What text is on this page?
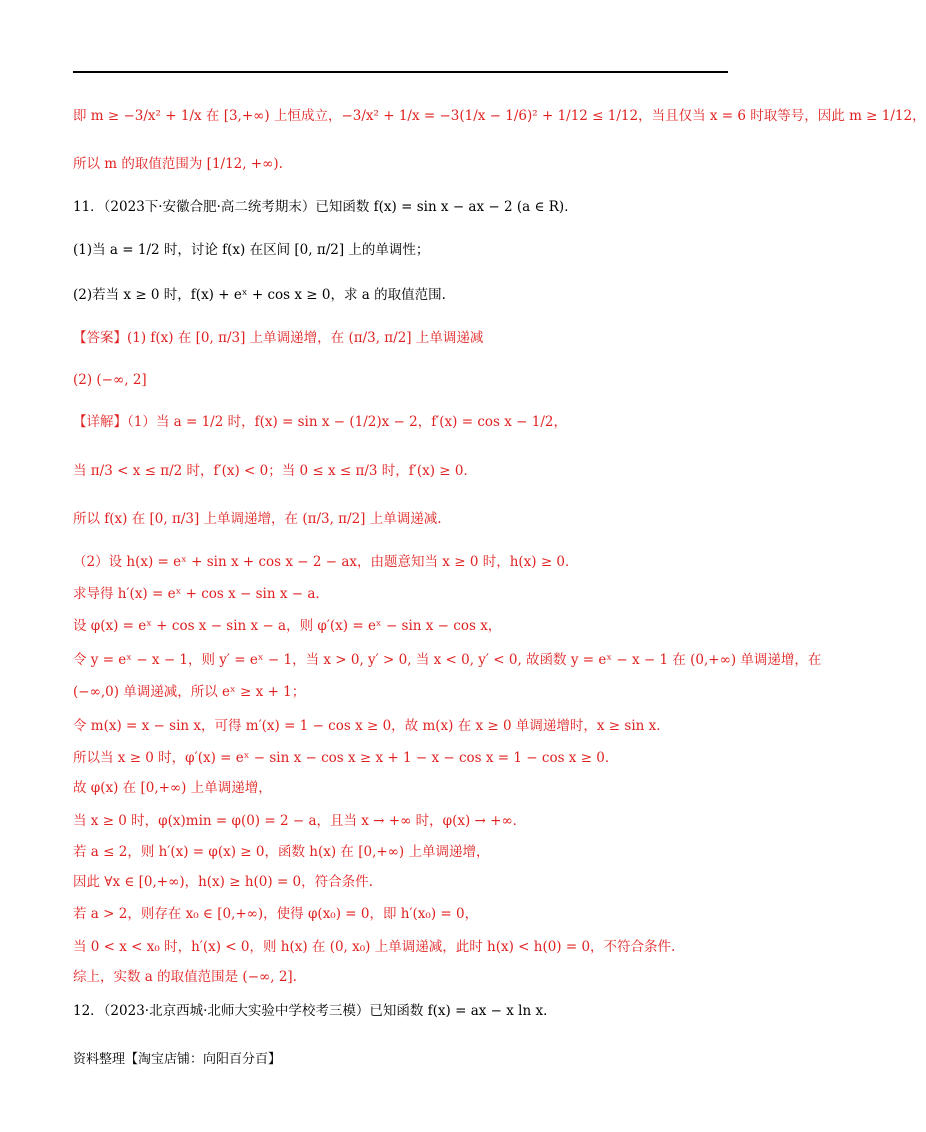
即 m ≥ −3/x² + 1/x 在 [3,+∞) 上恒成立，−3/x² + 1/x = −3(1/x − 1/6)² + 1/12 ≤ 1/12，当且仅当 x = 6 时取等号，因此 m ≥ 1/12，
所以 m 的取值范围为 [1/12, +∞).
11．（2023下·安徽合肥·高二统考期末）已知函数 f(x) = sin x − ax − 2 (a ∈ R)．
(1)当 a = 1/2 时，讨论 f(x) 在区间 [0, π/2] 上的单调性；
(2)若当 x ≥ 0 时，f(x) + eˣ + cos x ≥ 0，求 a 的取值范围.
【答案】(1) f(x) 在 [0, π/3] 上单调递增，在 (π/3, π/2] 上单调递减
(2) (−∞, 2]
【详解】（1）当 a = 1/2 时，f(x) = sin x − (1/2)x − 2，f′(x) = cos x − 1/2，
当 π/3 < x ≤ π/2 时，f′(x) < 0；当 0 ≤ x ≤ π/3 时，f′(x) ≥ 0．
所以 f(x) 在 [0, π/3] 上单调递增，在 (π/3, π/2] 上单调递减.
（2）设 h(x) = eˣ + sin x + cos x − 2 − ax，由题意知当 x ≥ 0 时，h(x) ≥ 0．
求导得 h′(x) = eˣ + cos x − sin x − a．
设 φ(x) = eˣ + cos x − sin x − a，则 φ′(x) = eˣ − sin x − cos x，
令 y = eˣ − x − 1，则 y′ = eˣ − 1，当 x > 0, y′ > 0, 当 x < 0, y′ < 0, 故函数 y = eˣ − x − 1 在 (0,+∞) 单调递增，在
(−∞,0) 单调递减，所以 eˣ ≥ x + 1；
令 m(x) = x − sin x，可得 m′(x) = 1 − cos x ≥ 0，故 m(x) 在 x ≥ 0 单调递增时，x ≥ sin x．
所以当 x ≥ 0 时，φ′(x) = eˣ − sin x − cos x ≥ x + 1 − x − cos x = 1 − cos x ≥ 0．
故 φ(x) 在 [0,+∞) 上单调递增，
当 x ≥ 0 时，φ(x)min = φ(0) = 2 − a，且当 x → +∞ 时，φ(x) → +∞．
若 a ≤ 2，则 h′(x) = φ(x) ≥ 0，函数 h(x) 在 [0,+∞) 上单调递增，
因此 ∀x ∈ [0,+∞)，h(x) ≥ h(0) = 0，符合条件.
若 a > 2，则存在 x₀ ∈ [0,+∞)，使得 φ(x₀) = 0，即 h′(x₀) = 0，
当 0 < x < x₀ 时，h′(x) < 0，则 h(x) 在 (0, x₀) 上单调递减，此时 h(x) < h(0) = 0，不符合条件.
综上，实数 a 的取值范围是 (−∞, 2].
12．（2023·北京西城·北师大实验中学校考三模）已知函数 f(x) = ax − x ln x．
资料整理【淘宝店铺：向阳百分百】
